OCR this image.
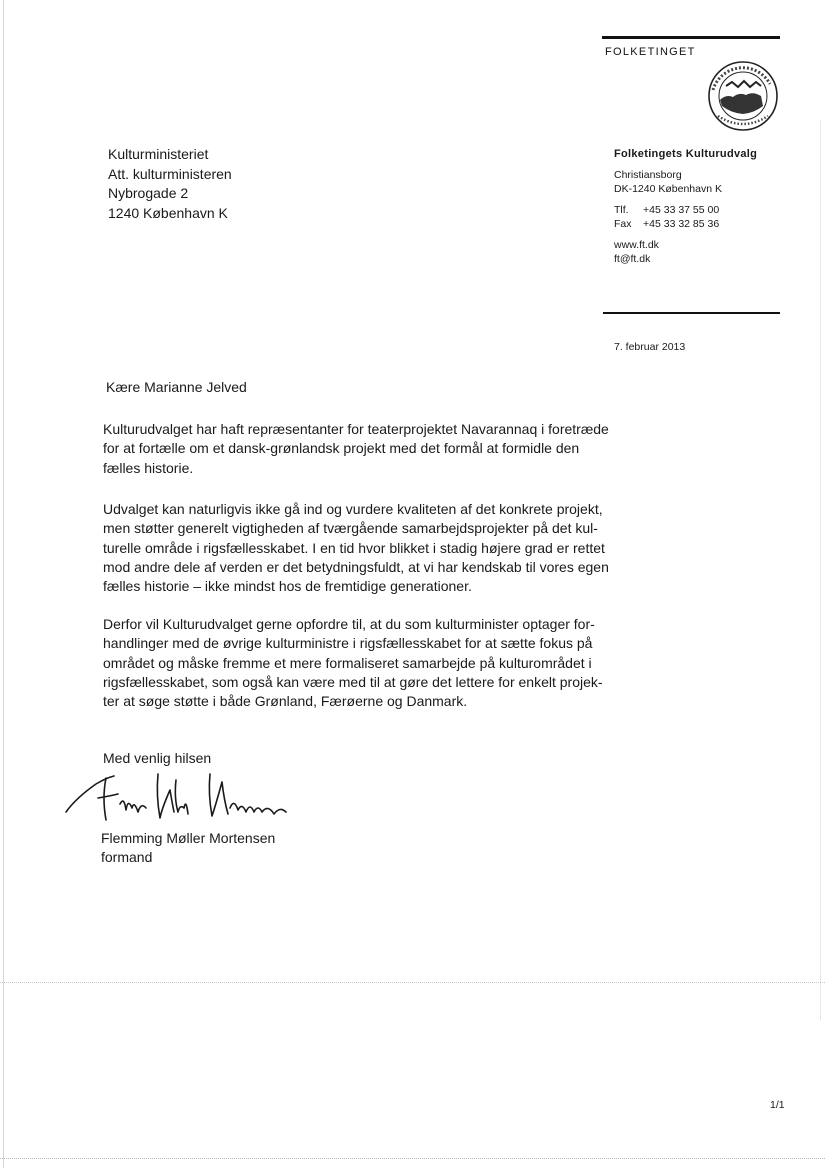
FOLKETINGET
Kulturministeriet
Att. kulturministeren
Nybrogade 2
1240 København K
Folketingets Kulturudvalg
Christiansborg
DK-1240 København K
Tlf. +45 33 37 55 00
Fax +45 33 32 85 36
www.ft.dk
ft@ft.dk
7. februar 2013
Kære Marianne Jelved
Kulturudvalget har haft repræsentanter for teaterprojektet Navarannaq i foretræde
for at fortælle om et dansk-grønlandsk projekt med det formål at formidle den
fælles historie.
Udvalget kan naturligvis ikke gå ind og vurdere kvaliteten af det konkrete projekt,
men støtter generelt vigtigheden af tværgående samarbejdsprojekter på det kul-
turelle område i rigsfællesskabet. I en tid hvor blikket i stadig højere grad er rettet
mod andre dele af verden er det betydningsfuldt, at vi har kendskab til vores egen
fælles historie – ikke mindst hos de fremtidige generationer.
Derfor vil Kulturudvalget gerne opfordre til, at du som kulturminister optager for-
handlinger med de øvrige kulturministre i rigsfællesskabet for at sætte fokus på
området og måske fremme et mere formaliseret samarbejde på kulturområdet i
rigsfællesskabet, som også kan være med til at gøre det lettere for enkelt projek-
ter at søge støtte i både Grønland, Færøerne og Danmark.
Med venlig hilsen
Flemming Møller Mortensen
formand
1/1
